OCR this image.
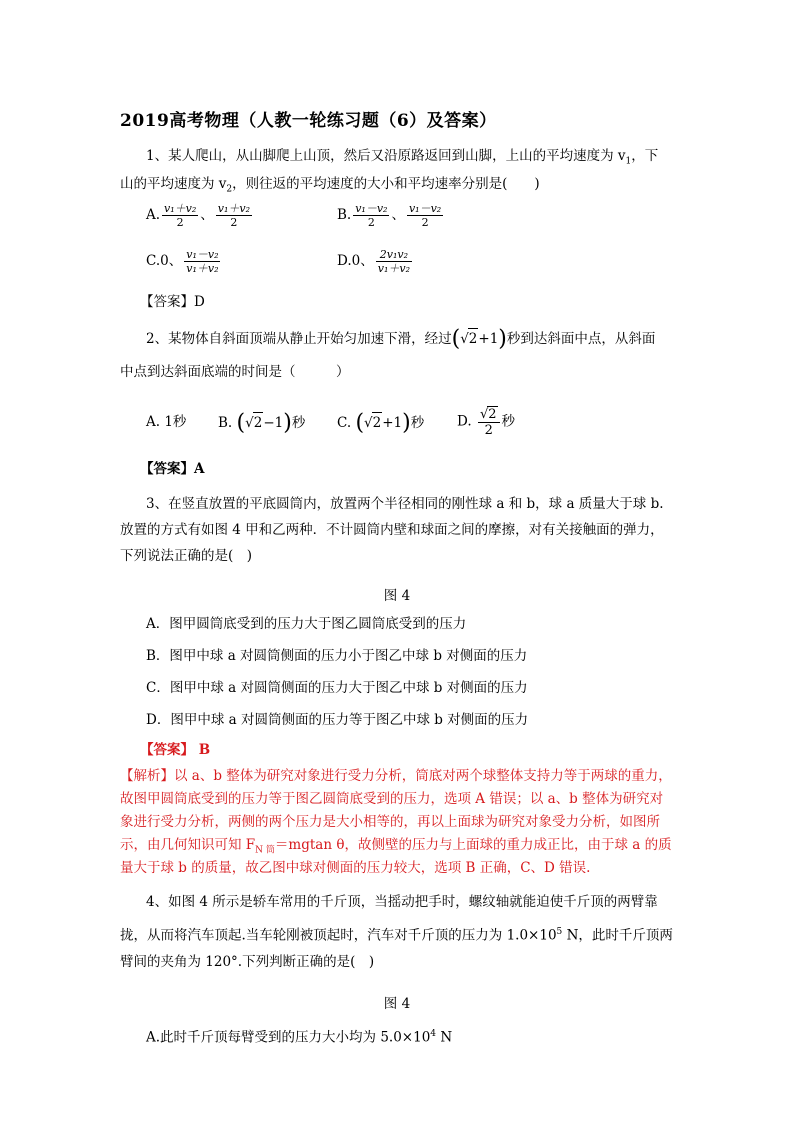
2019高考物理（人教一轮练习题（6）及答案）
1、某人爬山，从山脚爬上山顶，然后又沿原路返回到山脚，上山的平均速度为 $v_1$，下
山的平均速度为 $v_2$，则往返的平均速度的大小和平均速率分别是(　　)
A. $\frac{\text{v₁＋v₂}}{2}$ 、 $\frac{\text{v₁＋v₂}}{2}$	B. $\frac{\text{v₁－v₂}}{2}$ 、 $\frac{\text{v₁－v₂}}{2}$
C.0、 $\frac{\text{v₁－v₂}}{\text{v₁＋v₂}}$	D.0、 $\frac{\text{2v₁v₂}}{\text{v₁＋v₂}}$
【答案】D
2、某物体自斜面顶端从静止开始匀加速下滑，经过(√2+1)秒到达斜面中点，从斜面
中点到达斜面底端的时间是（　　　）
A. 1秒 B. (√2−1)秒 C. (√2+1)秒 D. $\frac{√2}{2}$ 秒
【答案】A
3、在竖直放置的平底圆筒内，放置两个半径相同的刚性球 a 和 b，球 a 质量大于球 b.
放置的方式有如图 4 甲和乙两种．不计圆筒内壁和球面之间的摩擦，对有关接触面的弹力，
下列说法正确的是(　)
图 4
A．图甲圆筒底受到的压力大于图乙圆筒底受到的压力
B．图甲中球 a 对圆筒侧面的压力小于图乙中球 b 对侧面的压力
C．图甲中球 a 对圆筒侧面的压力大于图乙中球 b 对侧面的压力
D．图甲中球 a 对圆筒侧面的压力等于图乙中球 b 对侧面的压力
【答案】 B
【解析】以 a、b 整体为研究对象进行受力分析，筒底对两个球整体支持力等于两球的重力，
故图甲圆筒底受到的压力等于图乙圆筒底受到的压力，选项 A 错误；以 a、b 整体为研究对
象进行受力分析，两侧的两个压力是大小相等的，再以上面球为研究对象受力分析，如图所
示，由几何知识可知 $F_{N 筒}=mgtan$ θ，故侧壁的压力与上面球的重力成正比，由于球 a 的质
量大于球 b 的质量，故乙图中球对侧面的压力较大，选项 B 正确，C、D 错误.
4、如图 4 所示是轿车常用的千斤顶，当摇动把手时，螺纹轴就能迫使千斤顶的两臂靠
拢，从而将汽车顶起.当车轮刚被顶起时，汽车对千斤顶的压力为 $1.0\times 10^5$ N，此时千斤顶两
臂间的夹角为 120°.下列判断正确的是(　)
图 4
A.此时千斤顶每臂受到的压力大小均为 $5.0\times 10^4$ N
